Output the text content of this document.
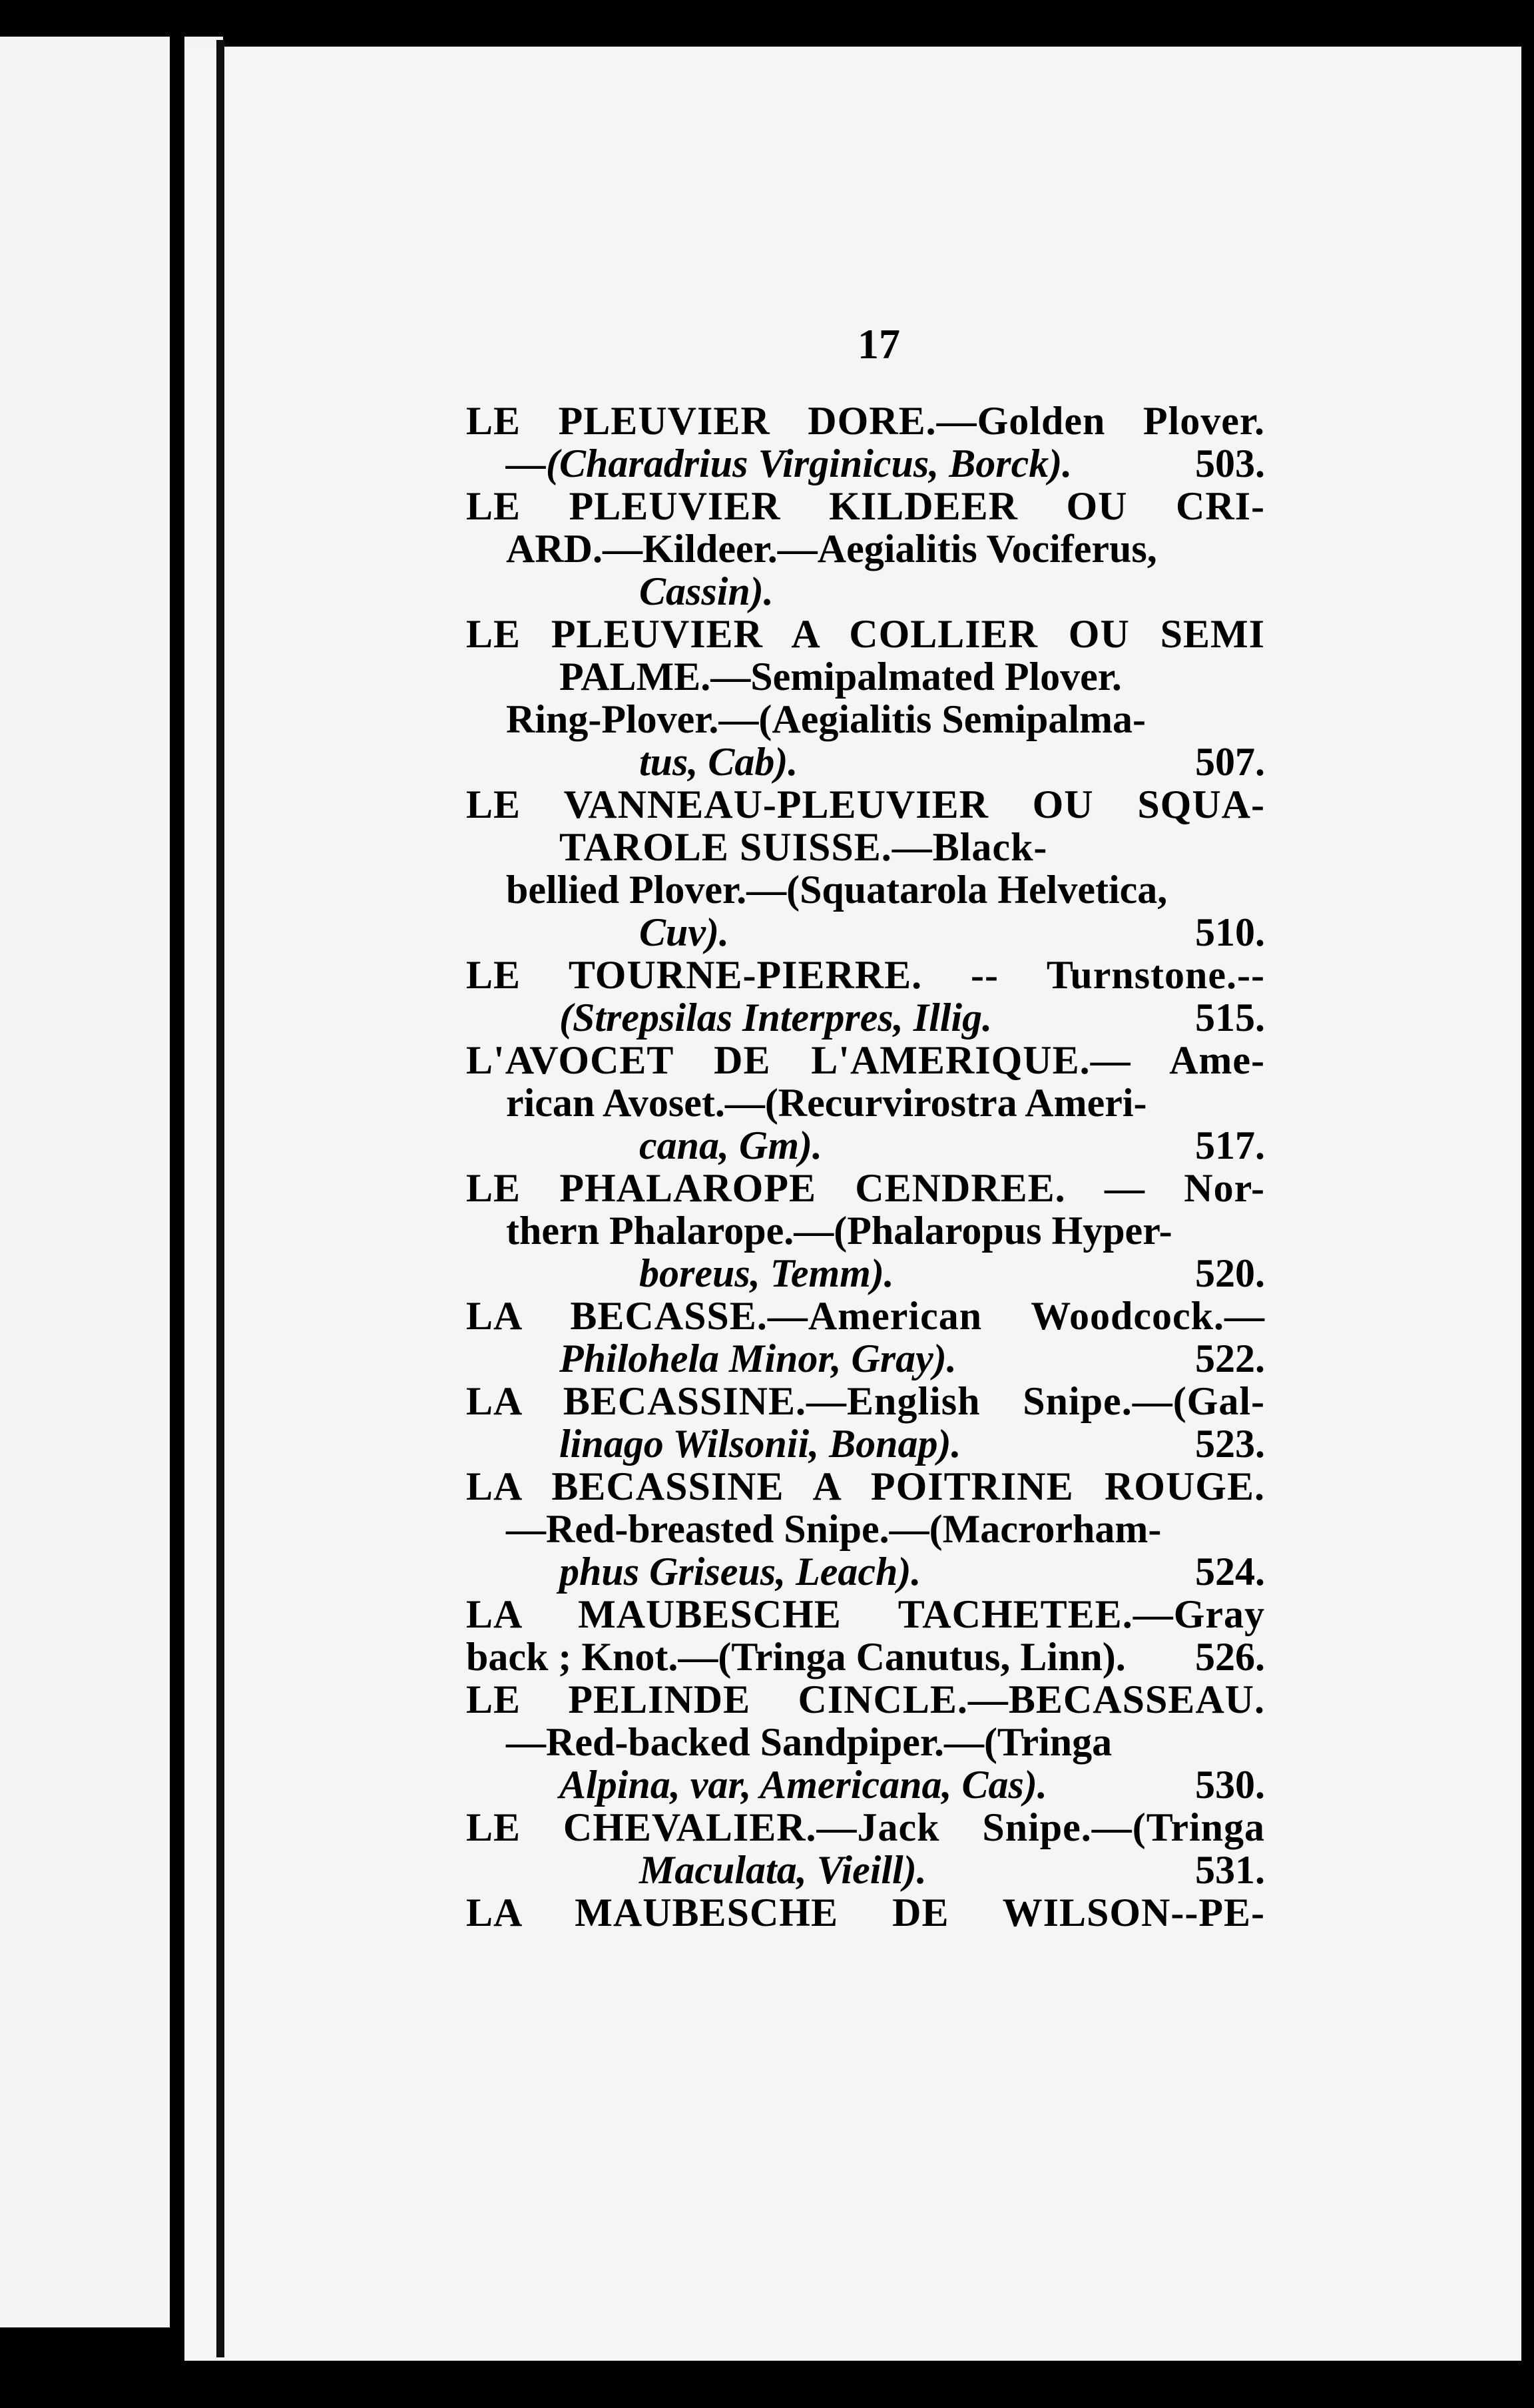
17
LE PLEUVIER DORE.—Golden Plover.
—(Charadrius Virginicus, Borck).	503.
LE PLEUVIER KILDEER OU CRI-
ARD.—Kildeer.—Aegialitis Vociferus,
Cassin).
LE PLEUVIER A COLLIER OU SEMI
PALME.—Semipalmated Plover.
Ring-Plover.—(Aegialitis Semipalma-
tus, Cab).	507.
LE VANNEAU-PLEUVIER OU SQUA-
TAROLE SUISSE.—Black-
bellied Plover.—(Squatarola Helvetica,
Cuv).	510.
LE TOURNE-PIERRE. -- Turnstone.--
(Strepsilas Interpres, Illig.	515.
L'AVOCET DE L'AMERIQUE.— Ame-
rican Avoset.—(Recurvirostra Ameri-
cana, Gm).	517.
LE PHALAROPE CENDREE. — Nor-
thern Phalarope.—(Phalaropus Hyper-
boreus, Temm).	520.
LA BECASSE.—American Woodcock.—
Philohela Minor, Gray).	522.
LA BECASSINE.—English Snipe.—(Gal-
linago Wilsonii, Bonap).	523.
LA BECASSINE A POITRINE ROUGE.
—Red-breasted Snipe.—(Macrorham-
phus Griseus, Leach).	524.
LA MAUBESCHE TACHETEE.—Gray
back ; Knot.—(Tringa Canutus, Linn).	526.
LE PELINDE CINCLE.—BECASSEAU.
—Red-backed Sandpiper.—(Tringa
Alpina, var, Americana, Cas).	530.
LE CHEVALIER.—Jack Snipe.—(Tringa
Maculata, Vieill).	531.
LA MAUBESCHE DE WILSON--PE-
